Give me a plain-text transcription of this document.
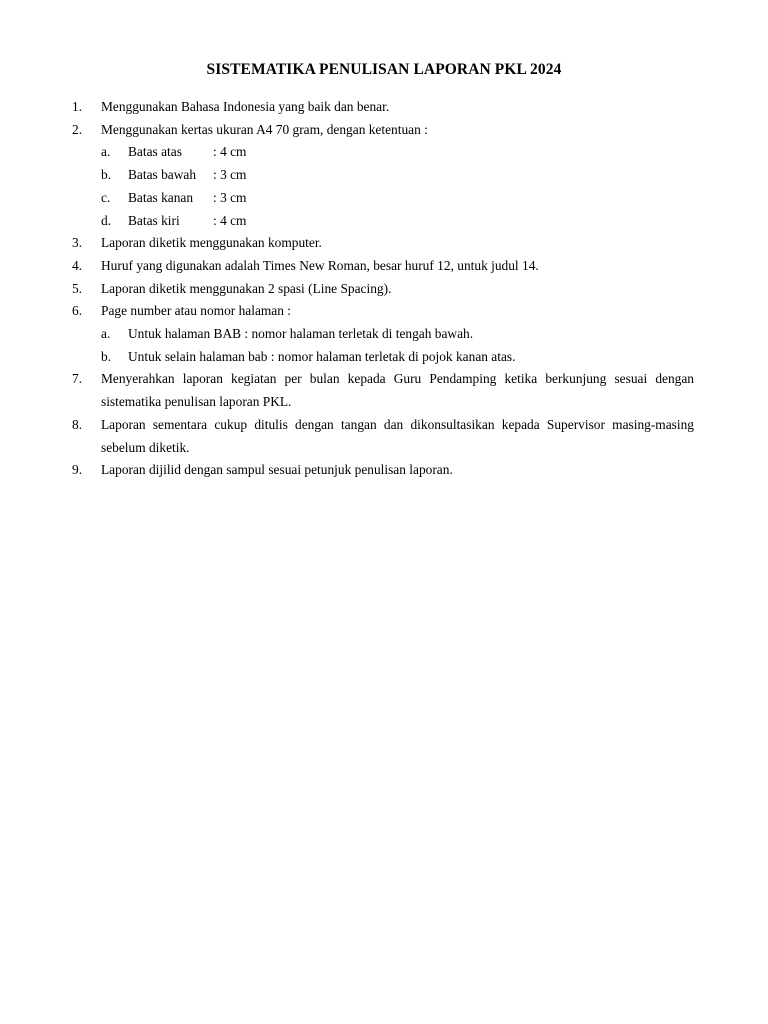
SISTEMATIKA PENULISAN LAPORAN PKL 2024
1. Menggunakan Bahasa Indonesia yang baik dan benar.
2. Menggunakan kertas ukuran A4 70 gram, dengan ketentuan :
a. Batas atas : 4 cm
b. Batas bawah : 3 cm
c. Batas kanan : 3 cm
d. Batas kiri : 4 cm
3. Laporan diketik menggunakan komputer.
4. Huruf yang digunakan adalah Times New Roman, besar huruf 12, untuk judul 14.
5. Laporan diketik menggunakan 2 spasi (Line Spacing).
6. Page number atau nomor halaman :
a. Untuk halaman BAB : nomor halaman terletak di tengah bawah.
b. Untuk selain halaman bab : nomor halaman terletak di pojok kanan atas.
7. Menyerahkan laporan kegiatan per bulan kepada Guru Pendamping ketika berkunjung sesuai dengan sistematika penulisan laporan PKL.
8. Laporan sementara cukup ditulis dengan tangan dan dikonsultasikan kepada Supervisor masing-masing sebelum diketik.
9. Laporan dijilid dengan sampul sesuai petunjuk penulisan laporan.
